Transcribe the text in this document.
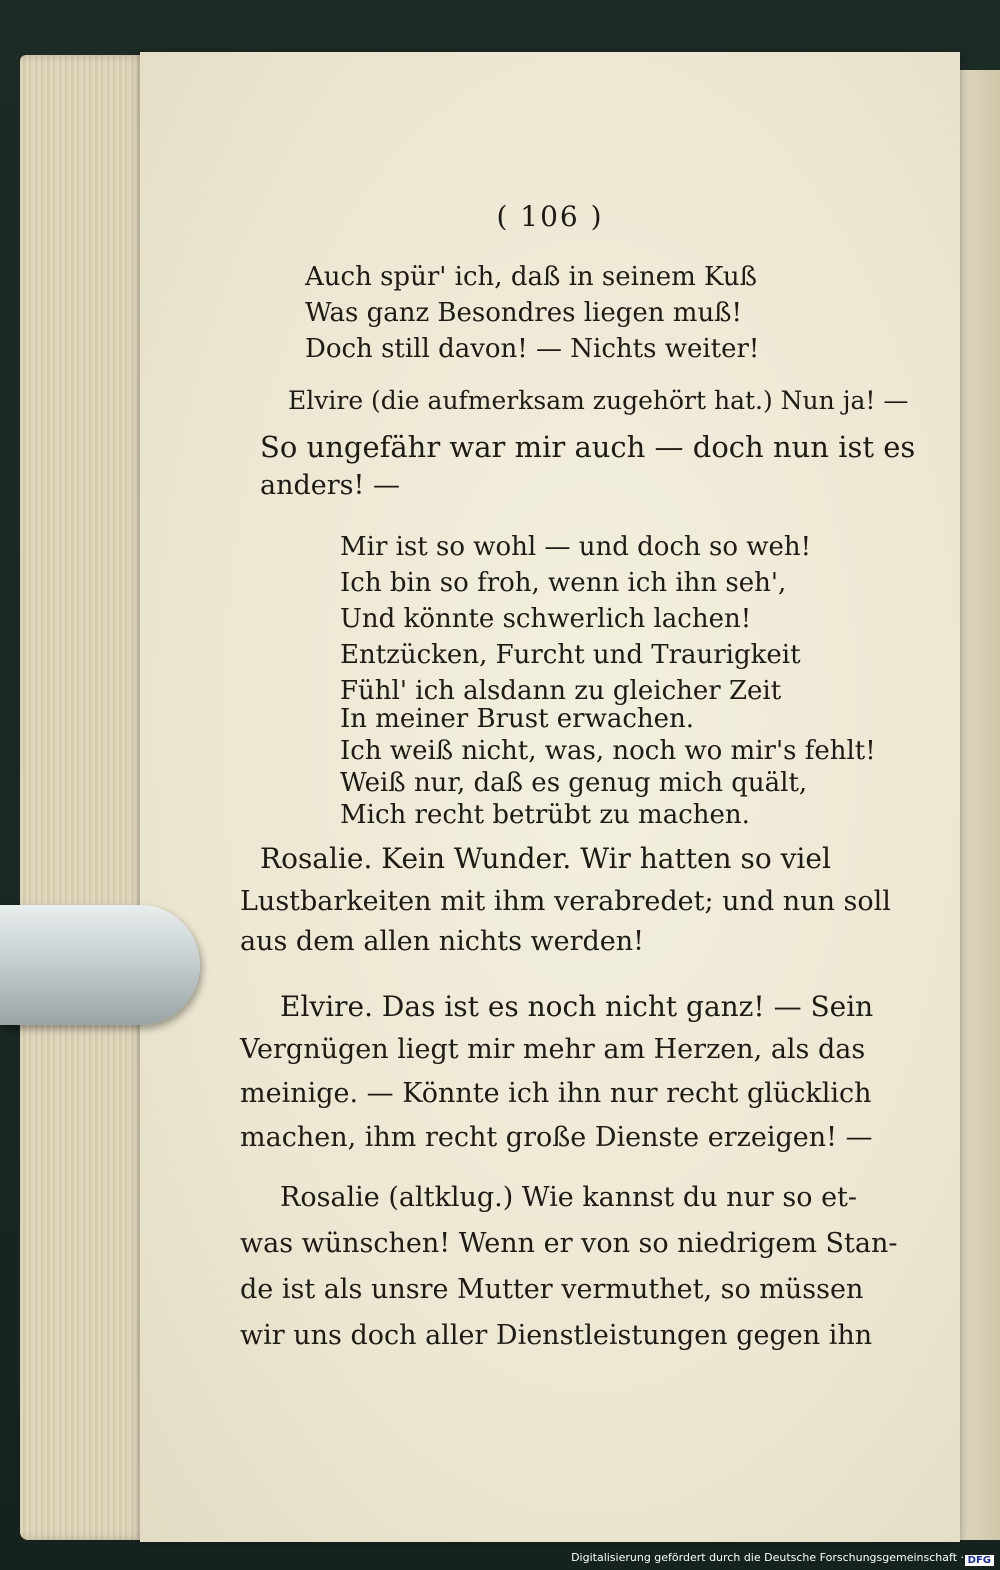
( 106 )
Auch spür' ich, daß in seinem Kuß
Was ganz Besondres liegen muß!
Doch still davon! — Nichts weiter!
Elvire (die aufmerksam zugehört hat.) Nun ja! —
So ungefähr war mir auch — doch nun ist es
anders! —
Mir ist so wohl — und doch so weh!
Ich bin so froh, wenn ich ihn seh',
Und könnte schwerlich lachen!
Entzücken, Furcht und Traurigkeit
Fühl' ich alsdann zu gleicher Zeit
In meiner Brust erwachen.
Ich weiß nicht, was, noch wo mir's fehlt!
Weiß nur, daß es genug mich quält,
Mich recht betrübt zu machen.
Rosalie. Kein Wunder. Wir hatten so viel
Lustbarkeiten mit ihm verabredet; und nun soll
aus dem allen nichts werden!
Elvire. Das ist es noch nicht ganz! — Sein
Vergnügen liegt mir mehr am Herzen, als das
meinige. — Könnte ich ihn nur recht glücklich
machen, ihm recht große Dienste erzeigen! —
Rosalie (altklug.) Wie kannst du nur so et-
was wünschen! Wenn er von so niedrigem Stan-
de ist als unsre Mutter vermuthet, so müssen
wir uns doch aller Dienstleistungen gegen ihn
Digitalisierung gefördert durch die Deutsche Forschungsgemeinschaft · DFG
